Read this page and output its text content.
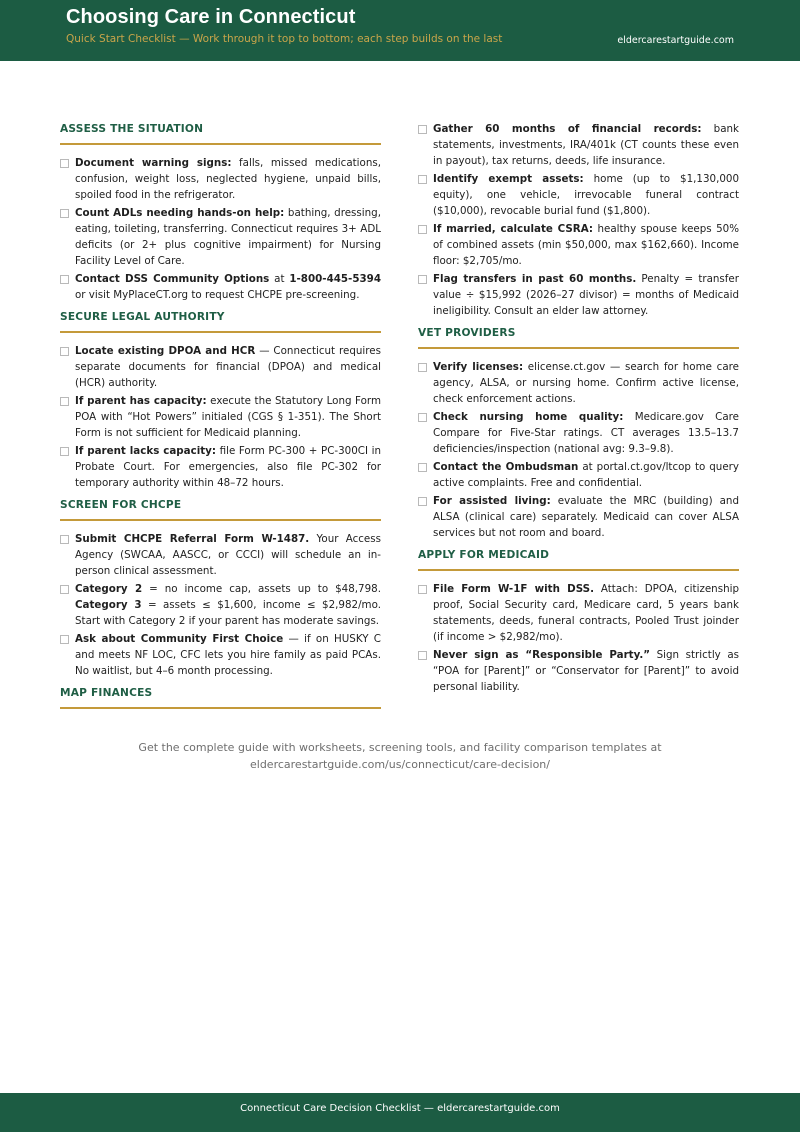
Choosing Care in Connecticut
Quick Start Checklist — Work through it top to bottom; each step builds on the last	eldercarestartguide.com
ASSESS THE SITUATION
Document warning signs: falls, missed medications, confusion, weight loss, neglected hygiene, unpaid bills, spoiled food in the refrigerator.
Count ADLs needing hands-on help: bathing, dressing, eating, toileting, transferring. Connecticut requires 3+ ADL deficits (or 2+ plus cognitive impairment) for Nursing Facility Level of Care.
Contact DSS Community Options at 1-800-445-5394 or visit MyPlaceCT.org to request CHCPE pre-screening.
SECURE LEGAL AUTHORITY
Locate existing DPOA and HCR — Connecticut requires separate documents for financial (DPOA) and medical (HCR) authority.
If parent has capacity: execute the Statutory Long Form POA with “Hot Powers” initialed (CGS § 1-351). The Short Form is not sufficient for Medicaid planning.
If parent lacks capacity: file Form PC-300 + PC-300CI in Probate Court. For emergencies, also file PC-302 for temporary authority within 48–72 hours.
SCREEN FOR CHCPE
Submit CHCPE Referral Form W-1487. Your Access Agency (SWCAA, AASCC, or CCCI) will schedule an in-person clinical assessment.
Category 2 = no income cap, assets up to $48,798. Category 3 = assets ≤ $1,600, income ≤ $2,982/mo. Start with Category 2 if your parent has moderate savings.
Ask about Community First Choice — if on HUSKY C and meets NF LOC, CFC lets you hire family as paid PCAs. No waitlist, but 4–6 month processing.
MAP FINANCES
Gather 60 months of financial records: bank statements, investments, IRA/401k (CT counts these even in payout), tax returns, deeds, life insurance.
Identify exempt assets: home (up to $1,130,000 equity), one vehicle, irrevocable funeral contract ($10,000), revocable burial fund ($1,800).
If married, calculate CSRA: healthy spouse keeps 50% of combined assets (min $50,000, max $162,660). Income floor: $2,705/mo.
Flag transfers in past 60 months. Penalty = transfer value ÷ $15,992 (2026–27 divisor) = months of Medicaid ineligibility. Consult an elder law attorney.
VET PROVIDERS
Verify licenses: elicense.ct.gov — search for home care agency, ALSA, or nursing home. Confirm active license, check enforcement actions.
Check nursing home quality: Medicare.gov Care Compare for Five-Star ratings. CT averages 13.5–13.7 deficiencies/inspection (national avg: 9.3–9.8).
Contact the Ombudsman at portal.ct.gov/ltcop to query active complaints. Free and confidential.
For assisted living: evaluate the MRC (building) and ALSA (clinical care) separately. Medicaid can cover ALSA services but not room and board.
APPLY FOR MEDICAID
File Form W-1F with DSS. Attach: DPOA, citizenship proof, Social Security card, Medicare card, 5 years bank statements, deeds, funeral contracts, Pooled Trust joinder (if income > $2,982/mo).
Never sign as “Responsible Party.” Sign strictly as “POA for [Parent]” or “Conservator for [Parent]” to avoid personal liability.
Get the complete guide with worksheets, screening tools, and facility comparison templates at
eldercarestartguide.com/us/connecticut/care-decision/
Connecticut Care Decision Checklist — eldercarestartguide.com
